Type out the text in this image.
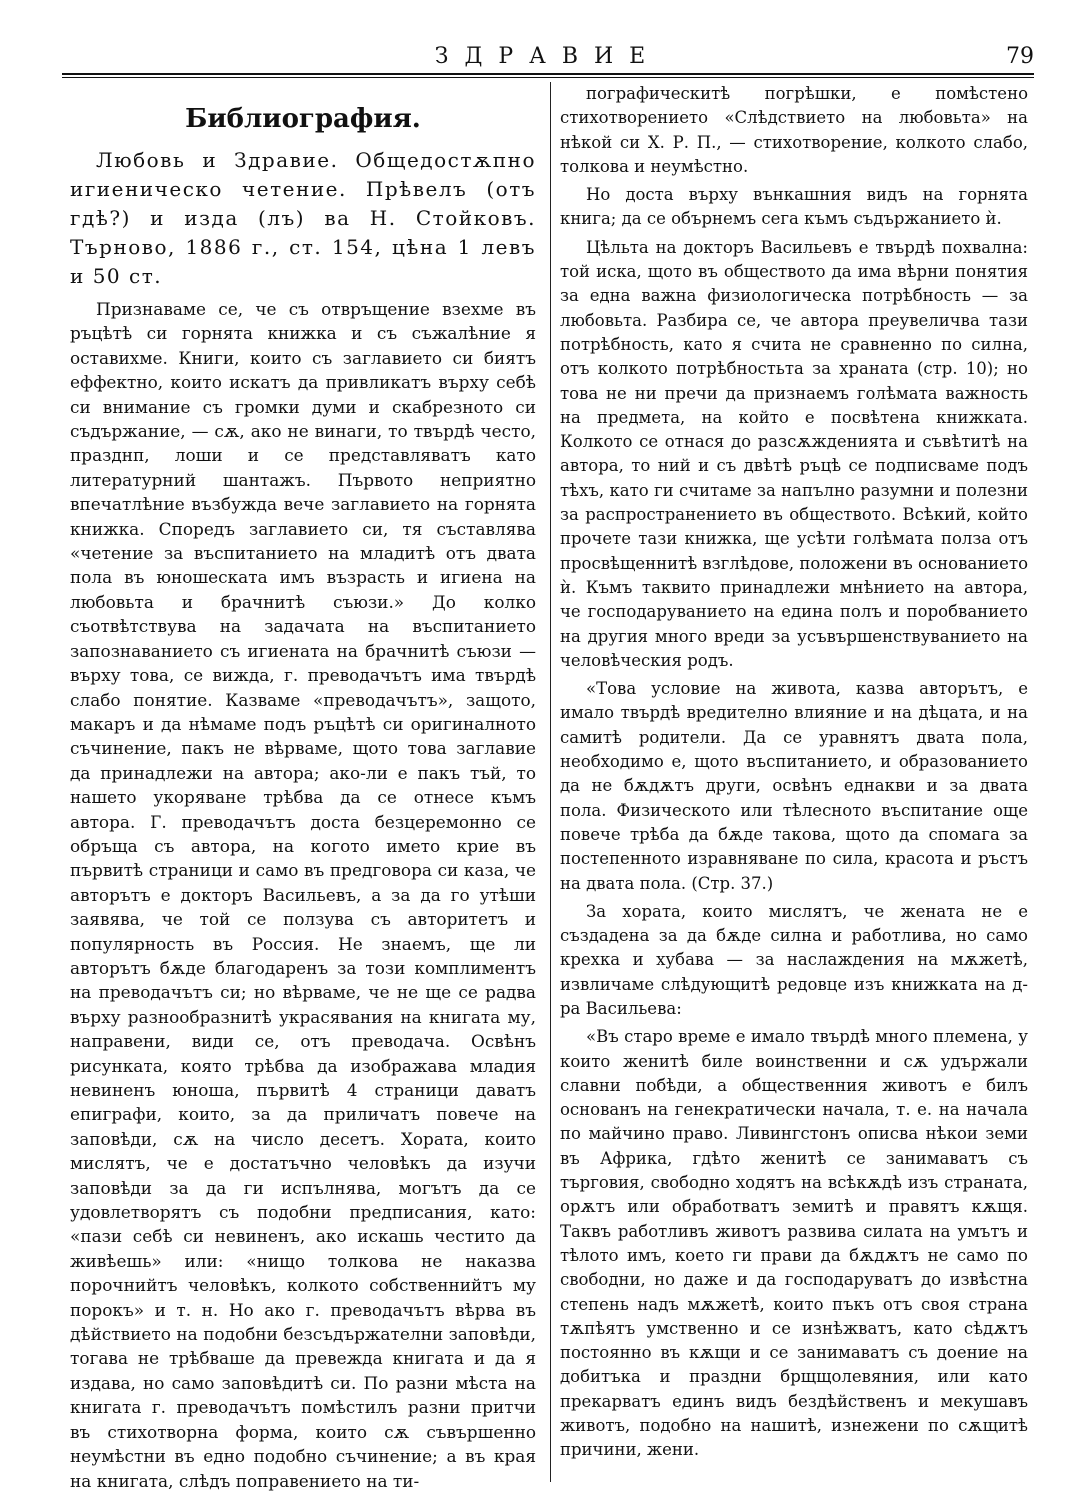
ЗДРАВИЕ	79
Библиография.

Любовь и Здравие. Общедостѫпно игиеническо четение. Прѣвелъ (отъ гдѣ?) и изда (лъ) ва Н. Стойковъ. Търново, 1886 г., ст. 154, цѣна 1 левъ и 50 ст.

Признаваме се, че съ отвръщение взехме въ ръцѣтѣ си горнята книжка и съ съжалѣние я оставихме. Книги, които съ заглавието си биятъ еффектно, които искатъ да привликатъ върху себѣ си внимание съ громки думи и скабрезното си съдържание, — сѫ, ако не винаги, то твърдѣ често, празднп, лоши и се представляватъ като литературний шантажъ. Първото неприятно впечатлѣние възбужда вече заглавието на горнята книжка. Споредъ заглавието си, тя съставлява «четение за въспитанието на младитѣ отъ двата пола въ юношеската имъ възрасть и игиена на любовьта и брачнитѣ съюзи.» До колко съотвѣтствува на задачата на въспитанието запознаванието съ игиената на брачнитѣ съюзи — върху това, се вижда, г. преводачътъ има твърдѣ слабо понятие. Казваме «преводачътъ», защото, макаръ и да нѣмаме подъ ръцѣтѣ си оригиналното съчинение, пакъ не вѣрваме, щото това заглавие да принадлежи на автора; ако-ли е пакъ тъй, то нашето укоряване трѣбва да се отнесе къмъ автора. Г. преводачътъ доста безцеремонно се обръща съ автора, на когото името крие въ първитѣ страници и само въ предговора си каза, че авторътъ е докторъ Васильевъ, а за да го утѣши заявява, че той се ползува съ авторитетъ и популярность въ Россия. Не знаемъ, ще ли авторътъ бѫде благодаренъ за този комплиментъ на преводачътъ си; но вѣрваме, че не ще се радва върху разнообразнитѣ украсявания на книгата му, направени, види се, отъ преводача. Освѣнъ рисунката, която трѣбва да изображава младия невиненъ юноша, първитѣ 4 страници даватъ епиграфи, които, за да приличатъ повече на заповѣди, сѫ на число десетъ. Хората, които мислятъ, че е достатъчно человѣкъ да изучи заповѣди за да ги испълнява, могътъ да се удовлетворятъ съ подобни предписания, като: «пази себѣ си невиненъ, ако искашь честито да живѣешь» или: «нищо толкова не наказва порочнийтъ человѣкъ, колкото собственнийтъ му порокъ» и т. н. Но ако г. преводачътъ вѣрва въ дѣйствието на подобни безсъдържателни заповѣди, тогава не трѣбваше да превежда книгата и да я издава, но само заповѣдитѣ си. По разни мѣста на книгата г. преводачътъ помѣстилъ разни притчи въ стихотворна форма, които сѫ съвършенно неумѣстни въ едно подобно съчинение; а въ края на книгата, слѣдъ поправението на ти-

пографическитѣ погрѣшки, е помѣстено стихотворението «Слѣдствието на любовьта» на нѣкой си Х. Р. П., — стихотворение, колкото слабо, толкова и неумѣстно.

Но доста върху вънкашния видъ на горнята книга; да се обърнемъ сега къмъ съдържанието ѝ.

Цѣльта на докторъ Васильевъ е твърдѣ похвална: той иска, щото въ обществото да има вѣрни понятия за една важна физиологическа потрѣбность — за любовьта. Разбира се, че автора преувеличва тази потрѣбность, като я счита не сравненно по силна, отъ колкото потрѣбностьта за храната (стр. 10); но това не ни пречи да признаемъ голѣмата важность на предмета, на който е посвѣтена книжката. Колкото се отнася до разсѫжденията и съвѣтитѣ на автора, то ний и съ двѣтѣ ръцѣ се подписваме подъ тѣхъ, като ги считаме за напълно разумни и полезни за распространението въ обществото. Всѣкий, който прочете тази книжка, ще усѣти голѣмата полза отъ просвѣщеннитѣ взглѣдове, положени въ основанието ѝ. Къмъ таквито принадлежи мнѣнието на автора, че господаруванието на едина полъ и поробванието на другия много вреди за усъвършенствуванието на человѣческия родъ.

«Това условие на живота, казва авторътъ, е имало твърдѣ вредително влияние и на дѣцата, и на самитѣ родители. Да се уравнятъ двата пола, необходимо е, щото въспитанието, и образованието да не бѫдѫтъ други, освѣнъ еднакви и за двата пола. Физическото или тѣлесното въспитание още повече трѣба да бѫде такова, щото да спомага за постепенното изравняване по сила, красота и ръстъ на двата пола. (Стр. 37.)

За хората, които мислятъ, че жената не е създадена за да бѫде силна и работлива, но само крехка и хубава — за наслаждения на мѫжетѣ, извличаме слѣдующитѣ редовце изъ книжката на д-ра Васильева:

«Въ старо време е имало твърдѣ много племена, у които женитѣ биле воинственни и сѫ удържали славни побѣди, а общественния животъ е билъ основанъ на генекратически начала, т. е. на начала по майчино право. Ливингстонъ описва нѣкои земи въ Африка, гдѣто женитѣ се занимаватъ съ търговия, свободно ходятъ на всѣкѫдѣ изъ страната, орѫтъ или обработватъ земитѣ и правятъ кѫщя. Таквъ работливъ животъ развива силата на умътъ и тѣлото имъ, което ги прави да бѫдѫтъ не само по свободни, но даже и да господаруватъ до извѣстна степень надъ мѫжетѣ, които пъкъ отъ своя страна тѫпѣятъ умственно и се изнѣжватъ, като сѣдѫтъ постоянно въ кѫщи и се занимаватъ съ доение на добитъка и праздни брщщолевяния, или като прекарватъ единъ видъ бездѣйственъ и мекушавъ животъ, подобно на нашитѣ, изнежени по сѫщитѣ причини, жени.
